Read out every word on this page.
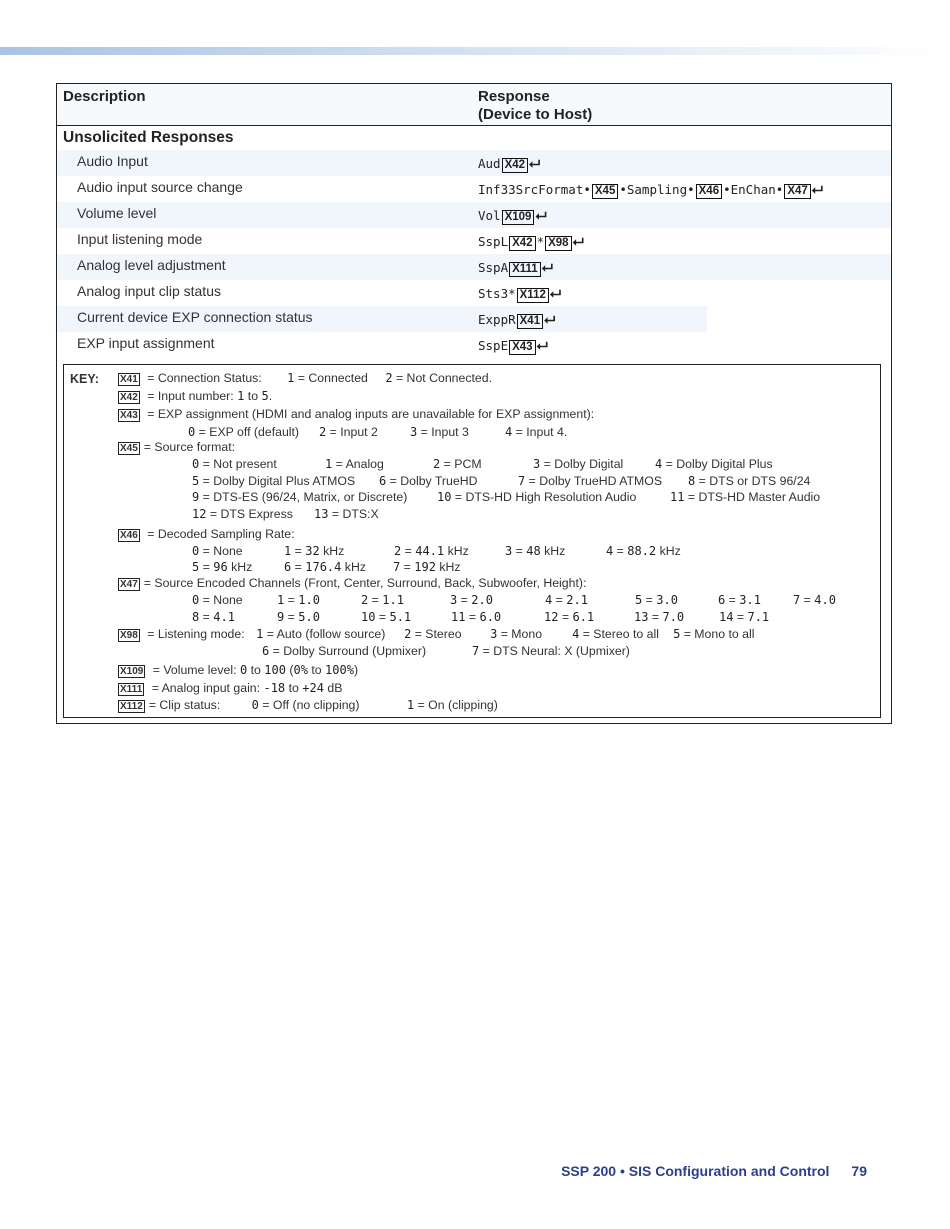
Description	Response
(Device to Host)
Unsolicited Responses
Audio Input	Aud X42 ⮠
Audio input source change	Inf33SrcFormat• X45 •Sampling• X46 •EnChan• X47 ⮠
Volume level	Vol X109 ⮠
Input listening mode	SspL X42 * X98 ⮠
Analog level adjustment	SspA X111 ⮠
Analog input clip status	Sts3* X112 ⮠
Current device EXP connection status	ExppR X41 ⮠
EXP input assignment	SspE X43 ⮠
KEY: X41 = Connection Status: 1 = Connected 2 = Not Connected.
X42 = Input number: 1 to 5.
X43 = EXP assignment (HDMI and analog inputs are unavailable for EXP assignment):
0 = EXP off (default) 2 = Input 2	3 = Input 3	4 = Input 4.
X45 = Source format:
0 = Not present	1 = Analog	2 = PCM	3 = Dolby Digital	4 = Dolby Digital Plus
5 = Dolby Digital Plus ATMOS 6 = Dolby TrueHD	7 = Dolby TrueHD ATMOS 8 = DTS or DTS 96/24
9 = DTS-ES (96/24, Matrix, or Discrete) 10 = DTS-HD High Resolution Audio	11 = DTS-HD Master Audio
12 = DTS Express 13 = DTS:X
X46 = Decoded Sampling Rate:
0 = None	1 = 32 kHz	2 = 44.1 kHz	3 = 48 kHz	4 = 88.2 kHz
5 = 96 kHz	6 = 176.4 kHz 7 = 192 kHz
X47 = Source Encoded Channels (Front, Center, Surround, Back, Subwoofer, Height):
0 = None	1 = 1.0	2 = 1.1	3 = 2.0	4 = 2.1	5 = 3.0	6 = 3.1	7 = 4.0
8 = 4.1	9 = 5.0	10 = 5.1	11 = 6.0	12 = 6.1	13 = 7.0	14 = 7.1
X98 = Listening mode: 1 = Auto (follow source) 2 = Stereo 3 = Mono 4 = Stereo to all 5 = Mono to all
6 = Dolby Surround (Upmixer)	7 = DTS Neural: X (Upmixer)
X109 = Volume level: 0 to 100 (0% to 100%)
X111 = Analog input gain: -18 to +24 dB
X112 = Clip status:	0 = Off (no clipping)	1 = On (clipping)
SSP 200 • SIS Configuration and Control 79
